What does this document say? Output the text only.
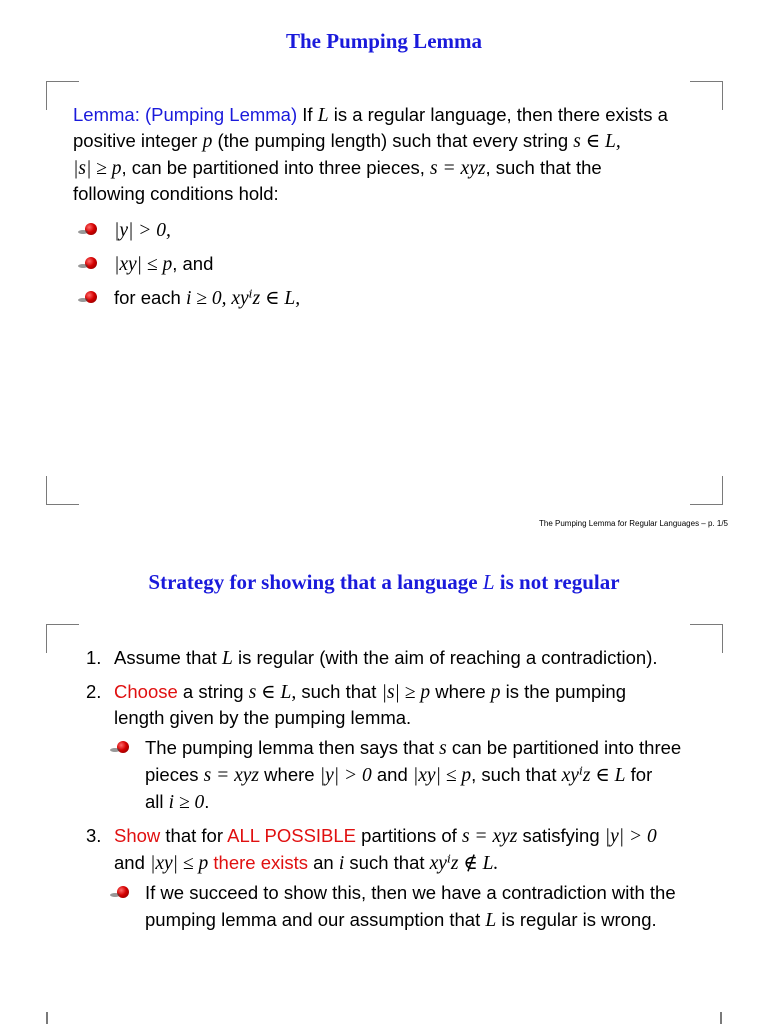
The Pumping Lemma
Lemma: (Pumping Lemma) If L is a regular language, then there exists a
positive integer p (the pumping length) such that every string s ∈ L,
|s| ≥ p, can be partitioned into three pieces, s = xyz, such that the
following conditions hold:
|y| > 0,
|xy| ≤ p, and
for each i ≥ 0, xyⁱz ∈ L,
The Pumping Lemma for Regular Languages – p. 1/5
Strategy for showing that a language L is not regular
1. Assume that L is regular (with the aim of reaching a contradiction).
2. Choose a string s ∈ L, such that |s| ≥ p where p is the pumping
length given by the pumping lemma.
The pumping lemma then says that s can be partitioned into three
pieces s = xyz where |y| > 0 and |xy| ≤ p, such that xyⁱz ∈ L for
all i ≥ 0.
3. Show that for ALL POSSIBLE partitions of s = xyz satisfying |y| > 0
and |xy| ≤ p there exists an i such that xyⁱz ∉ L.
If we succeed to show this, then we have a contradiction with the
pumping lemma and our assumption that L is regular is wrong.
